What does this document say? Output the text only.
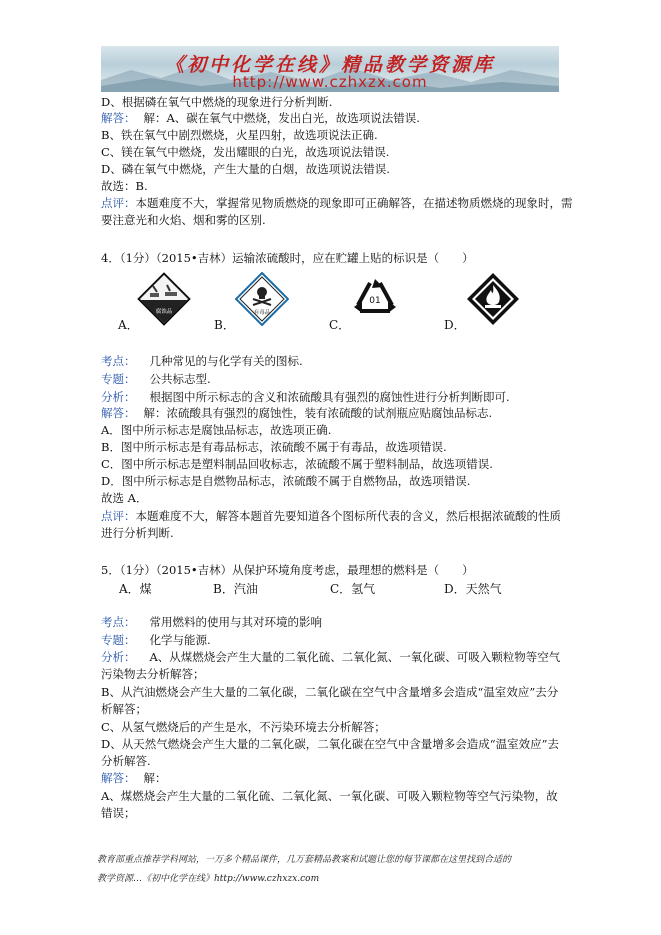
《初中化学在线》精品教学资源库
http://www.czhxzx.com
D、根据磷在氧气中燃烧的现象进行分析判断.
解答： 解：A、碳在氧气中燃烧，发出白光，故选项说法错误.
B、铁在氧气中剧烈燃烧，火星四射，故选项说法正确.
C、镁在氧气中燃烧，发出耀眼的白光，故选项说法错误.
D、磷在氧气中燃烧，产生大量的白烟，故选项说法错误.
故选：B.
点评：本题难度不大，掌握常见物质燃烧的现象即可正确解答，在描述物质燃烧的现象时，需
要注意光和火焰、烟和雾的区别.
4．（1分）（2015•吉林）运输浓硫酸时，应在贮罐上贴的标识是（　　）
A．
腐蚀品
B．
有毒品
C．
01
D．
考点： 几种常见的与化学有关的图标.
专题： 公共标志型.
分析： 根据图中所示标志的含义和浓硫酸具有强烈的腐蚀性进行分析判断即可.
解答： 解：浓硫酸具有强烈的腐蚀性，装有浓硫酸的试剂瓶应贴腐蚀品标志.
A．图中所示标志是腐蚀品标志，故选项正确.
B．图中所示标志是有毒品标志，浓硫酸不属于有毒品，故选项错误.
C．图中所示标志是塑料制品回收标志，浓硫酸不属于塑料制品，故选项错误.
D．图中所示标志是自燃物品标志，浓硫酸不属于自燃物品，故选项错误.
故选 A．
点评：本题难度不大，解答本题首先要知道各个图标所代表的含义，然后根据浓硫酸的性质
进行分析判断.
5．（1分）（2015•吉林）从保护环境角度考虑，最理想的燃料是（　　）
A．煤	B．汽油	C．氢气	D．天然气
考点： 常用燃料的使用与其对环境的影响
专题： 化学与能源.
分析： A、从煤燃烧会产生大量的二氧化硫、二氧化氮、一氧化碳、可吸入颗粒物等空气
污染物去分析解答；
B、从汽油燃烧会产生大量的二氧化碳，二氧化碳在空气中含量增多会造成“温室效应”去分
析解答；
C、从氢气燃烧后的产生是水，不污染环境去分析解答；
D、从天然气燃烧会产生大量的二氧化碳，二氧化碳在空气中含量增多会造成“温室效应”去
分析解答.
解答： 解：
A、煤燃烧会产生大量的二氧化硫、二氧化氮、一氧化碳、可吸入颗粒物等空气污染物，故
错误；
教育部重点推荐学科网站，一万多个精品课件，几万套精品教案和试题让您的每节课都在这里找到合适的
教学资源…《初中化学在线》http://www.czhxzx.com
